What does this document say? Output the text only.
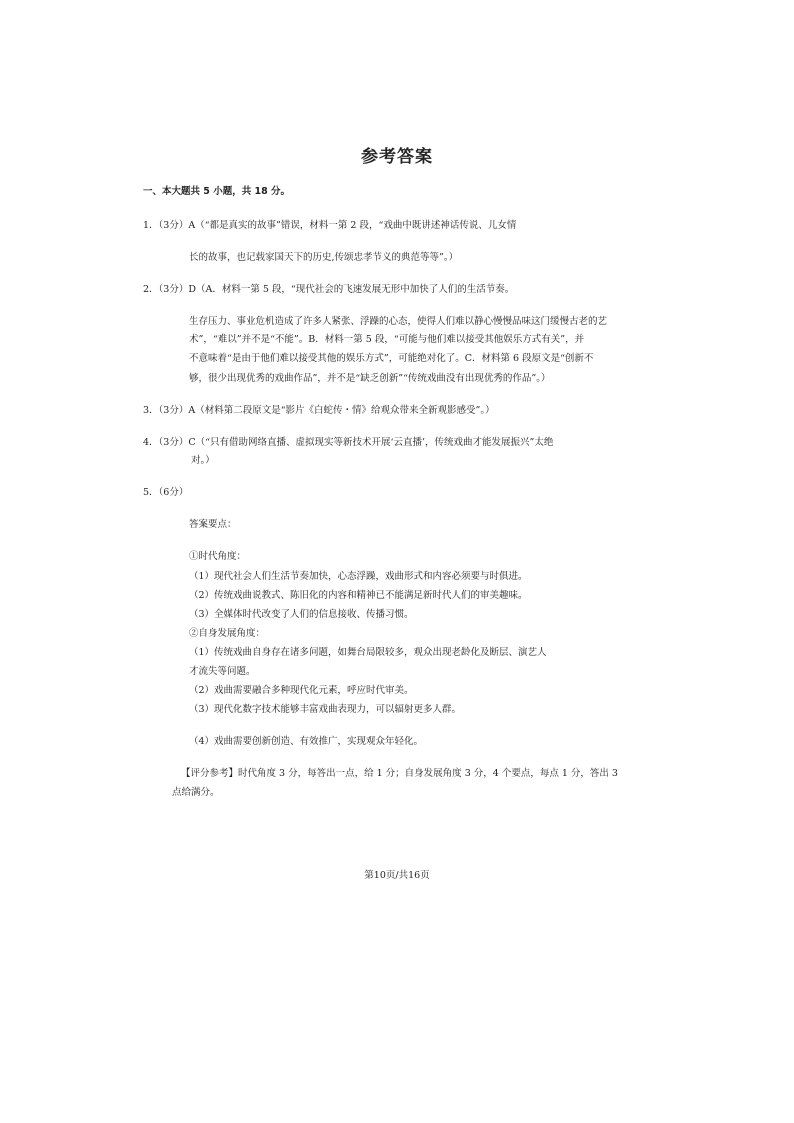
参考答案
一、本大题共 5 小题，共 18 分。
1．（3分）A（“都是真实的故事”错误，材料一第 2 段，“戏曲中既讲述神话传说、儿女情
长的故事，也记载家国天下的历史,传颂忠孝节义的典范等等”。）
2．（3分）D（A．材料一第 5 段，“现代社会的飞速发展无形中加快了人们的生活节奏。
生存压力、事业危机造成了许多人紧张、浮躁的心态，使得人们难以静心慢慢品味这门缓慢古老的艺
术”，“难以”并不是“不能”。B．材料一第 5 段，“可能与他们难以接受其他娱乐方式有关”，并
不意味着“是由于他们难以接受其他的娱乐方式”，可能绝对化了。C．材料第 6 段原文是“创新不
够，很少出现优秀的戏曲作品”，并不是“缺乏创新”“传统戏曲没有出现优秀的作品”。）
3．（3分）A（材料第二段原文是“影片《白蛇传・情》给观众带来全新观影感受”。）
4．（3分）C（“只有借助网络直播、虚拟现实等新技术开展‘云直播’，传统戏曲才能发展振兴”太绝
对。）
5．（6分）
答案要点：
①时代角度：
（1）现代社会人们生活节奏加快，心态浮躁，戏曲形式和内容必须要与时俱进。
（2）传统戏曲说教式、陈旧化的内容和精神已不能满足新时代人们的审美趣味。
（3）全媒体时代改变了人们的信息接收、传播习惯。
②自身发展角度：
（1）传统戏曲自身存在诸多问题，如舞台局限较多，观众出现老龄化及断层、演艺人
才流失等问题。
（2）戏曲需要融合多种现代化元素，呼应时代审美。
（3）现代化数字技术能够丰富戏曲表现力，可以辐射更多人群。
（4）戏曲需要创新创造、有效推广，实现观众年轻化。
【评分参考】时代角度 3 分，每答出一点，给 1 分；自身发展角度 3 分，4 个要点，每点 1 分，答出 3
点给满分。
第10页/共16页
